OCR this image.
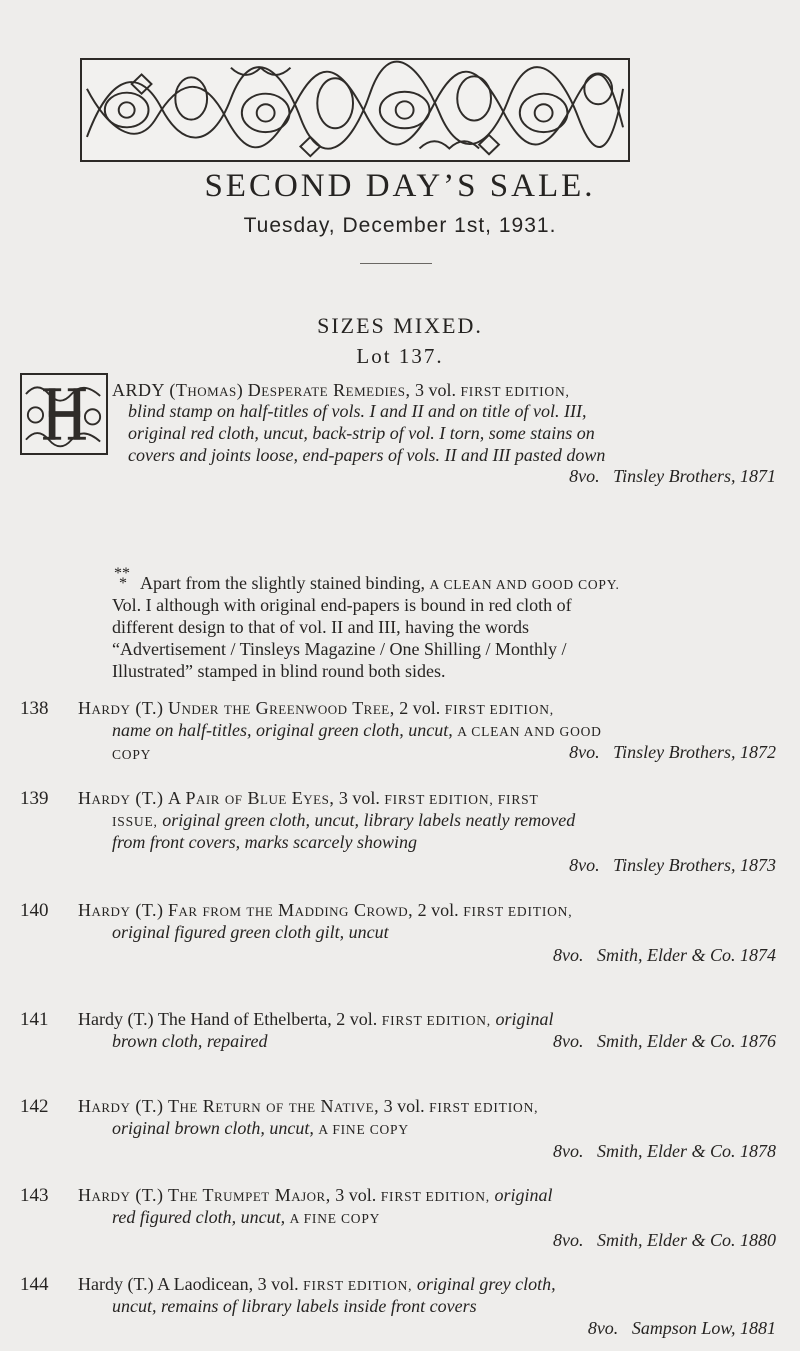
SECOND DAY’S SALE.
Tuesday, December 1st, 1931.
SIZES MIXED.
Lot 137.
ARDY (Thomas) Desperate Remedies, 3 vol. FIRST EDITION,
blind stamp on half-titles of vols. I and II and on title of vol. III,
original red cloth, uncut, back-strip of vol. I torn, some stains on
covers and joints loose, end-papers of vols. II and III pasted down
8vo. Tinsley Brothers, 1871
**
* Apart from the slightly stained binding, A CLEAN AND GOOD COPY.
Vol. I although with original end-papers is bound in red cloth of
different design to that of vol. II and III, having the words
“Advertisement / Tinsleys Magazine / One Shilling / Monthly /
Illustrated” stamped in blind round both sides.
138	Hardy (T.) Under the Greenwood Tree, 2 vol. FIRST EDITION,
name on half-titles, original green cloth, uncut, A CLEAN AND GOOD
COPY	8vo. Tinsley Brothers, 1872
139	Hardy (T.) A Pair of Blue Eyes, 3 vol. FIRST EDITION, FIRST
ISSUE, original green cloth, uncut, library labels neatly removed
from front covers, marks scarcely showing
8vo. Tinsley Brothers, 1873
140	Hardy (T.) Far from the Madding Crowd, 2 vol. FIRST EDITION,
original figured green cloth gilt, uncut
8vo. Smith, Elder & Co. 1874
141	Hardy (T.) The Hand of Ethelberta, 2 vol. FIRST EDITION, original
brown cloth, repaired	8vo. Smith, Elder & Co. 1876
142	Hardy (T.) The Return of the Native, 3 vol. FIRST EDITION,
original brown cloth, uncut, A FINE COPY
8vo. Smith, Elder & Co. 1878
143	Hardy (T.) The Trumpet Major, 3 vol. FIRST EDITION, original
red figured cloth, uncut, A FINE COPY
8vo. Smith, Elder & Co. 1880
144	Hardy (T.) A Laodicean, 3 vol. FIRST EDITION, original grey cloth,
uncut, remains of library labels inside front covers
8vo. Sampson Low, 1881
